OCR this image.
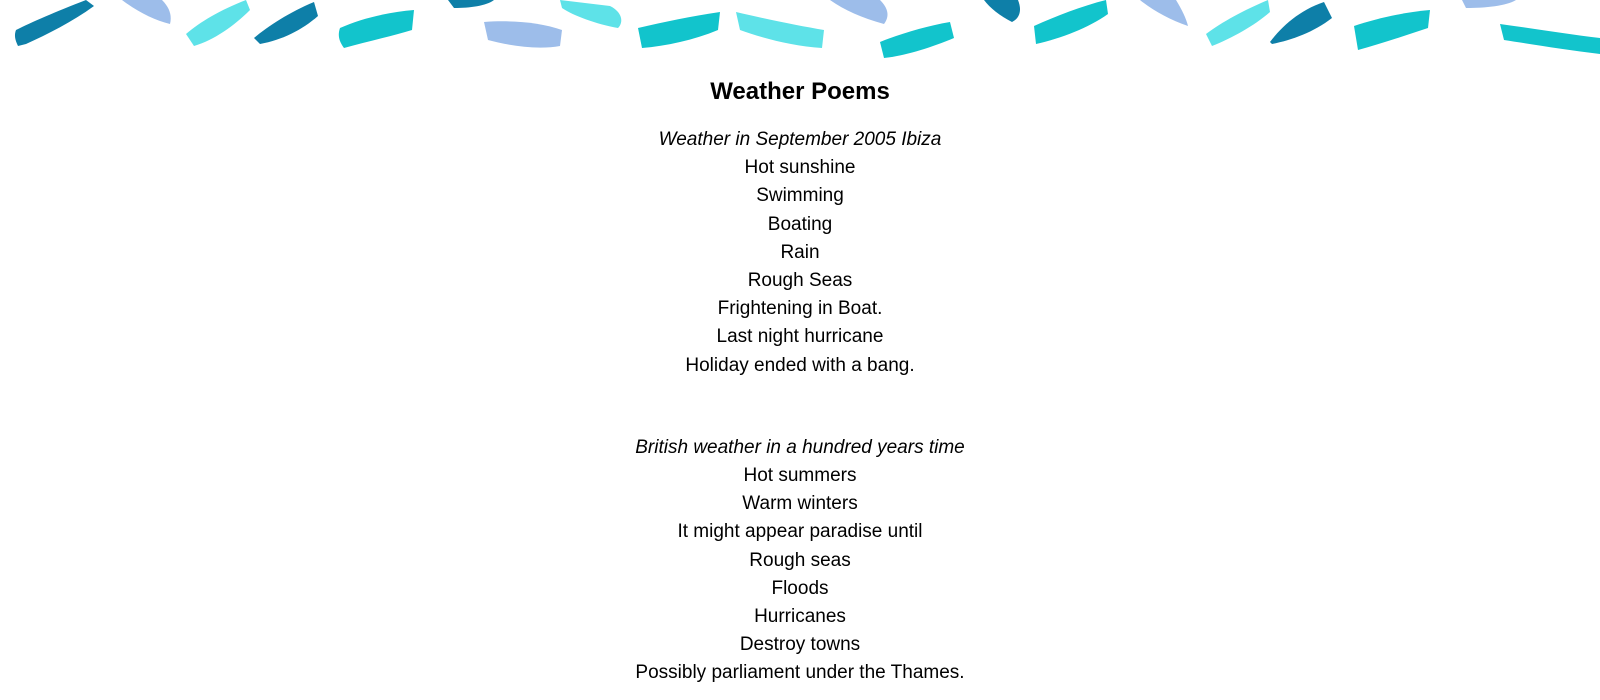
Weather Poems
Weather in September 2005 Ibiza
Hot sunshine
Swimming
Boating
Rain
Rough Seas
Frightening in Boat.
Last night hurricane
Holiday ended with a bang.
British weather in a hundred years time
Hot summers
Warm winters
It might appear paradise until
Rough seas
Floods
Hurricanes
Destroy towns
Possibly parliament under the Thames.
